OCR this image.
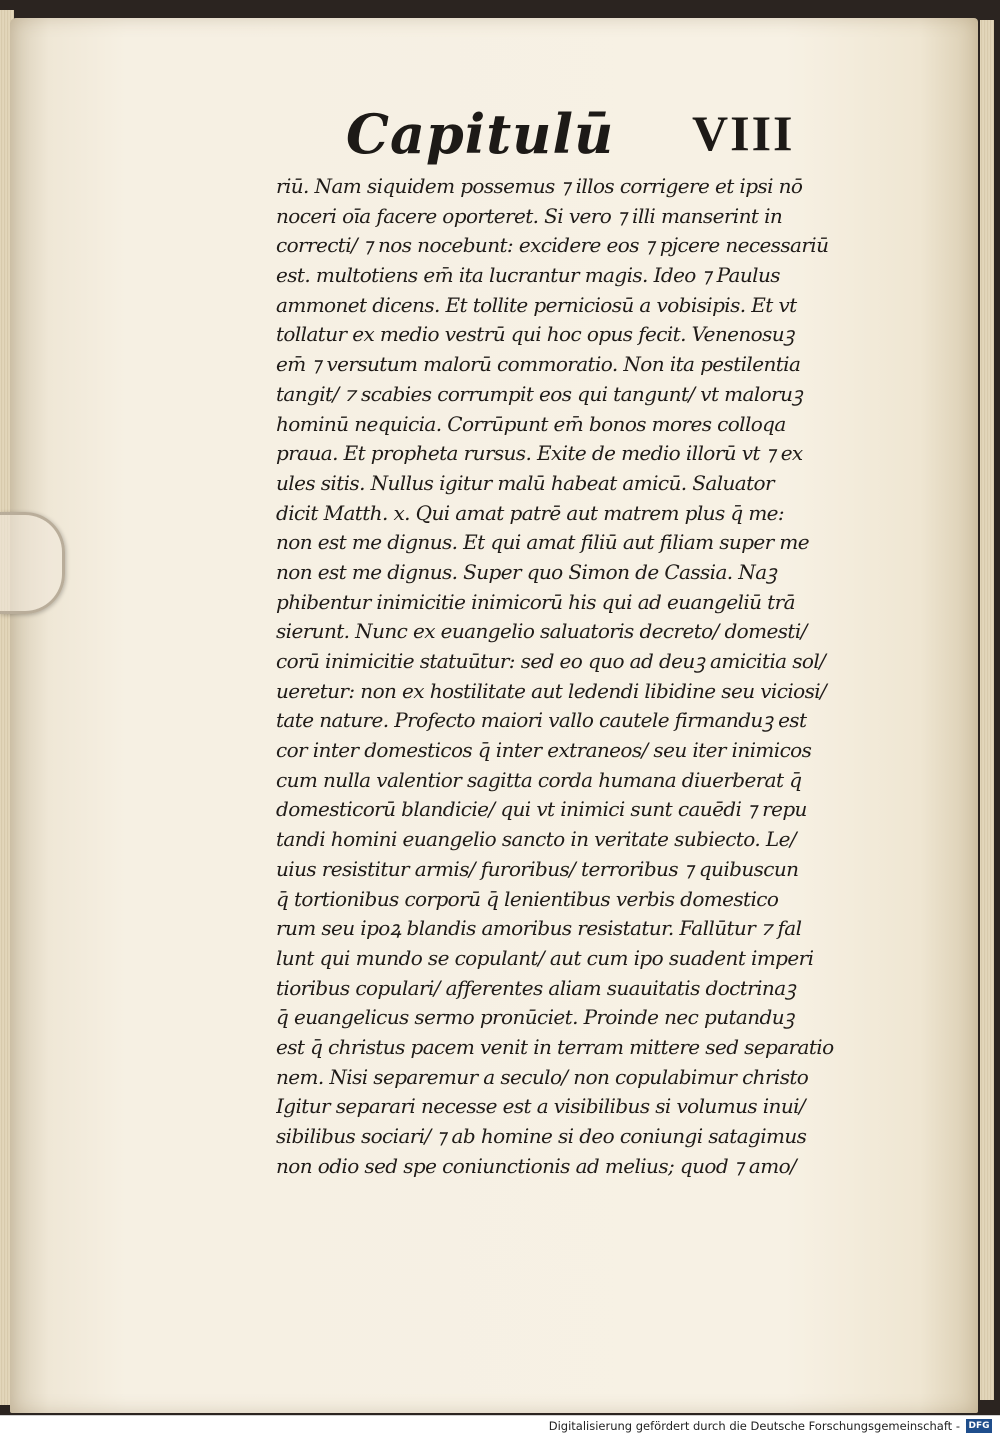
Capitulū VIII
riū. Nam siquidem possemus ⁊ illos corrigere et ipsi nō
noceri oīa facere oporteret. Si vero ⁊ illi manserint in
correcti/ ⁊ nos nocebunt: excidere eos ⁊ pjcere necessariū
est. multotiens em̄ ita lucrantur magis. Ideo ⁊ Paulus
ammonet dicens. Et tollite perniciosū a vobisipis. Et vt
tollatur ex medio vestrū qui hoc opus fecit. Venenosuꝫ
em̄ ⁊ versutum malorū commoratio. Non ita pestilentia
tangit/ ⁊ scabies corrumpit eos qui tangunt/ vt maloruꝫ
hominū nequicia. Corrūpunt em̄ bonos mores colloqa
praua. Et propheta rursus. Exite de medio illorū vt ⁊ ex
ules sitis. Nullus igitur malū habeat amicū. Saluator
dicit Matth. x. Qui amat patrē aut matrem plus q̄ me:
non est me dignus. Et qui amat filiū aut filiam super me
non est me dignus. Super quo Simon de Cassia. Naꝫ
phibentur inimicitie inimicorū his qui ad euangeliū trā
sierunt. Nunc ex euangelio saluatoris decreto/ domesti/
corū inimicitie statuūtur: sed eo quo ad deuꝫ amicitia sol/
ueretur: non ex hostilitate aut ledendi libidine seu viciosi/
tate nature. Profecto maiori vallo cautele firmanduꝫ est
cor inter domesticos q̄ inter extraneos/ seu iter inimicos
cum nulla valentior sagitta corda humana diuerberat q̄
domesticorū blandicie/ qui vt inimici sunt cauēdi ⁊ repu
tandi homini euangelio sancto in veritate subiecto. Le/
uius resistitur armis/ furoribus/ terroribus ⁊ quibuscun
q̄ tortionibus corporū q̄ lenientibus verbis domestico
rum seu ipoꝝ blandis amoribus resistatur. Fallūtur ⁊ fal
lunt qui mundo se copulant/ aut cum ipo suadent imperi
tioribus copulari/ afferentes aliam suauitatis doctrinaꝫ
q̄ euangelicus sermo pronūciet. Proinde nec putanduꝫ
est q̄ christus pacem venit in terram mittere sed separatio
nem. Nisi separemur a seculo/ non copulabimur christo
Igitur separari necesse est a visibilibus si volumus inui/
sibilibus sociari/ ⁊ ab homine si deo coniungi satagimus
non odio sed spe coniunctionis ad melius; quod ⁊ amo/
Digitalisierung gefördert durch die Deutsche Forschungsgemeinschaft - DFG
